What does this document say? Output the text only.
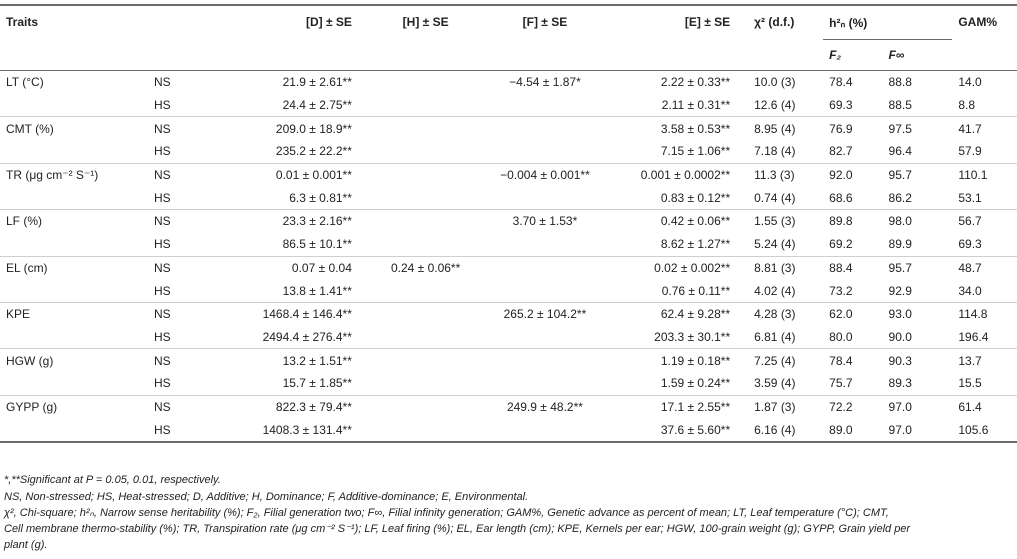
Traits		[D] ± SE	[H] ± SE	[F] ± SE	[E] ± SE	χ² (d.f.)	h²ₙ (%)		GAM%
							F₂	F∞	
LT (°C)	NS	21.9 ± 2.61**		−4.54 ± 1.87*	2.22 ± 0.33**	10.0 (3)	78.4	88.8	14.0
	HS	24.4 ± 2.75**			2.11 ± 0.31**	12.6 (4)	69.3	88.5	8.8
CMT (%)	NS	209.0 ± 18.9**			3.58 ± 0.53**	8.95 (4)	76.9	97.5	41.7
	HS	235.2 ± 22.2**			7.15 ± 1.06**	7.18 (4)	82.7	96.4	57.9
TR (μg cm⁻² S⁻¹)	NS	0.01 ± 0.001**		−0.004 ± 0.001**	0.001 ± 0.0002**	11.3 (3)	92.0	95.7	110.1
	HS	6.3 ± 0.81**			0.83 ± 0.12**	0.74 (4)	68.6	86.2	53.1
LF (%)	NS	23.3 ± 2.16**		3.70 ± 1.53*	0.42 ± 0.06**	1.55 (3)	89.8	98.0	56.7
	HS	86.5 ± 10.1**			8.62 ± 1.27**	5.24 (4)	69.2	89.9	69.3
EL (cm)	NS	0.07 ± 0.04	0.24 ± 0.06**		0.02 ± 0.002**	8.81 (3)	88.4	95.7	48.7
	HS	13.8 ± 1.41**			0.76 ± 0.11**	4.02 (4)	73.2	92.9	34.0
KPE	NS	1468.4 ± 146.4**		265.2 ± 104.2**	62.4 ± 9.28**	4.28 (3)	62.0	93.0	114.8
	HS	2494.4 ± 276.4**			203.3 ± 30.1**	6.81 (4)	80.0	90.0	196.4
HGW (g)	NS	13.2 ± 1.51**			1.19 ± 0.18**	7.25 (4)	78.4	90.3	13.7
	HS	15.7 ± 1.85**			1.59 ± 0.24**	3.59 (4)	75.7	89.3	15.5
GYPP (g)	NS	822.3 ± 79.4**		249.9 ± 48.2**	17.1 ± 2.55**	1.87 (3)	72.2	97.0	61.4
	HS	1408.3 ± 131.4**			37.6 ± 5.60**	6.16 (4)	89.0	97.0	105.6
*,**Significant at P = 0.05, 0.01, respectively.
NS, Non-stressed; HS, Heat-stressed; D, Additive; H, Dominance; F, Additive-dominance; E, Environmental.
χ², Chi-square; h²ₙ, Narrow sense heritability (%); F₂, Filial generation two; F∞, Filial infinity generation; GAM%, Genetic advance as percent of mean; LT, Leaf temperature (°C); CMT,
Cell membrane thermo-stability (%); TR, Transpiration rate (μg cm⁻² S⁻¹); LF, Leaf firing (%); EL, Ear length (cm); KPE, Kernels per ear; HGW, 100-grain weight (g); GYPP, Grain yield per
plant (g).
